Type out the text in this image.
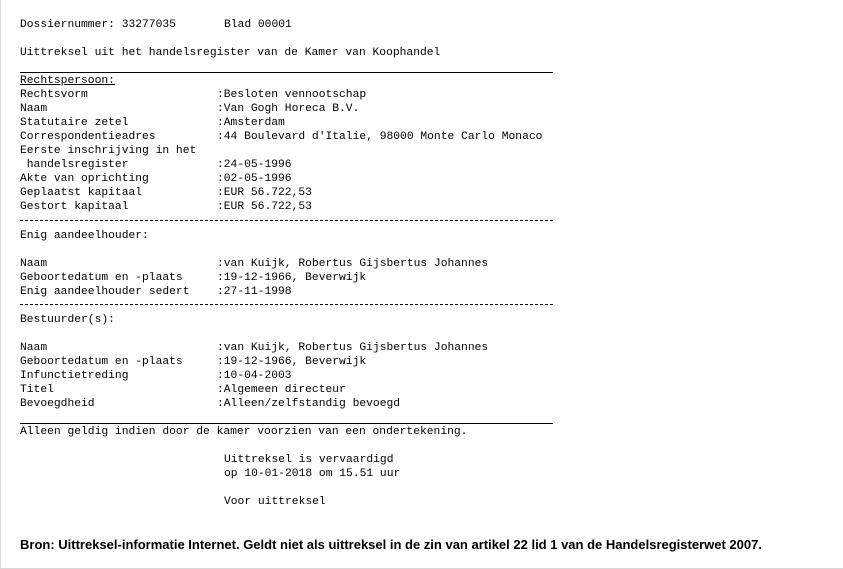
Dossiernummer: 33277035	Blad 00001
Uittreksel uit het handelsregister van de Kamer van Koophandel
Rechtspersoon:
Rechtsvorm	:Besloten vennootschap
Naam	:Van Gogh Horeca B.V.
Statutaire zetel	:Amsterdam
Correspondentieadres	:44 Boulevard d'Italie, 98000 Monte Carlo Monaco
Eerste inschrijving in het
handelsregister	:24-05-1996
Akte van oprichting	:02-05-1996
Geplaatst kapitaal	:EUR 56.722,53
Gestort kapitaal	:EUR 56.722,53
Enig aandeelhouder:
Naam	:van Kuijk, Robertus Gijsbertus Johannes
Geboortedatum en -plaats	:19-12-1966, Beverwijk
Enig aandeelhouder sedert :27-11-1998
Bestuurder(s):
Naam	:van Kuijk, Robertus Gijsbertus Johannes
Geboortedatum en -plaats	:19-12-1966, Beverwijk
Infunctietreding	:10-04-2003
Titel	:Algemeen directeur
Bevoegdheid	:Alleen/zelfstandig bevoegd
Alleen geldig indien door de kamer voorzien van een ondertekening.
Uittreksel is vervaardigd
op 10-01-2018 om 15.51 uur
Voor uittreksel
Bron: Uittreksel-informatie Internet. Geldt niet als uittreksel in de zin van artikel 22 lid 1 van de Handelsregisterwet 2007.
